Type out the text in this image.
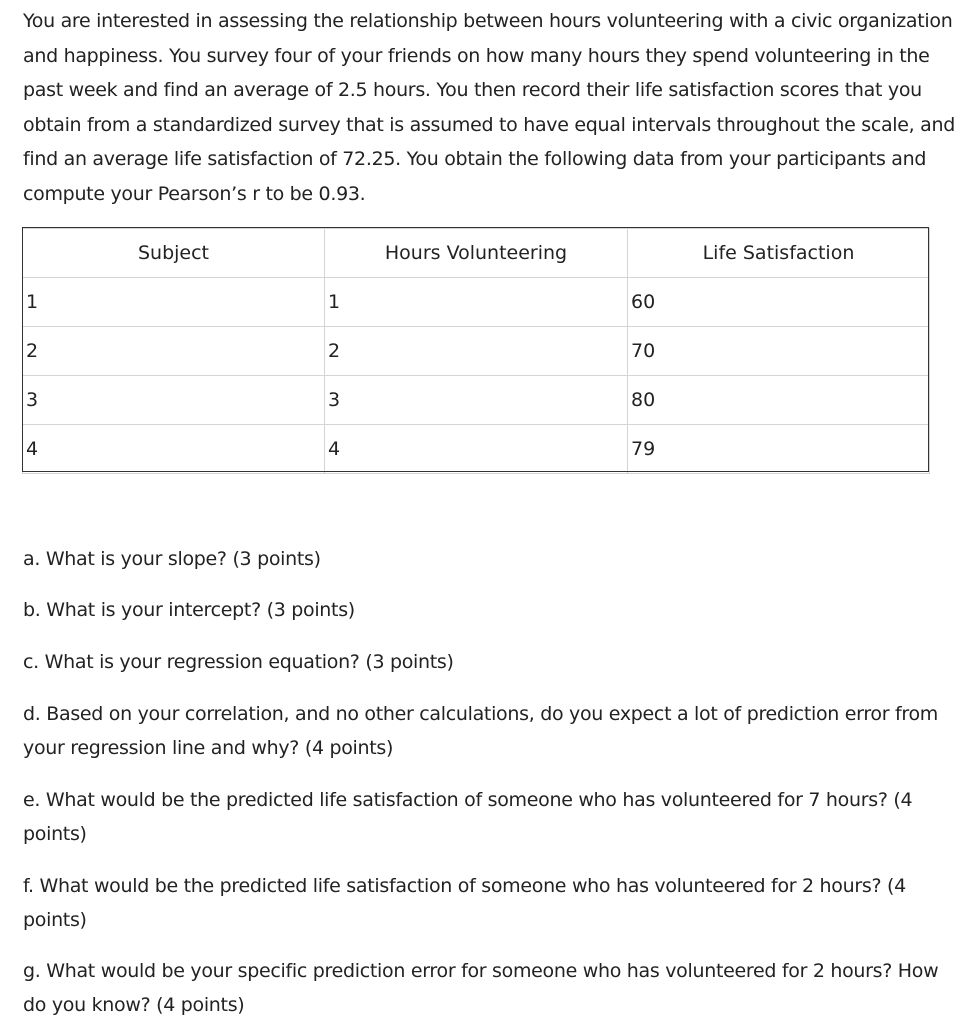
You are interested in assessing the relationship between hours volunteering with a civic organization and happiness. You survey four of your friends on how many hours they spend volunteering in the past week and find an average of 2.5 hours. You then record their life satisfaction scores that you obtain from a standardized survey that is assumed to have equal intervals throughout the scale, and find an average life satisfaction of 72.25. You obtain the following data from your participants and compute your Pearson’s r to be 0.93.

Subject	Hours Volunteering	Life Satisfaction
1	1	60
2	2	70
3	3	80
4	4	79

a. What is your slope? (3 points)

b. What is your intercept? (3 points)

c. What is your regression equation? (3 points)

d. Based on your correlation, and no other calculations, do you expect a lot of prediction error from your regression line and why? (4 points)

e. What would be the predicted life satisfaction of someone who has volunteered for 7 hours? (4 points)

f. What would be the predicted life satisfaction of someone who has volunteered for 2 hours? (4 points)

g. What would be your specific prediction error for someone who has volunteered for 2 hours? How do you know? (4 points)
